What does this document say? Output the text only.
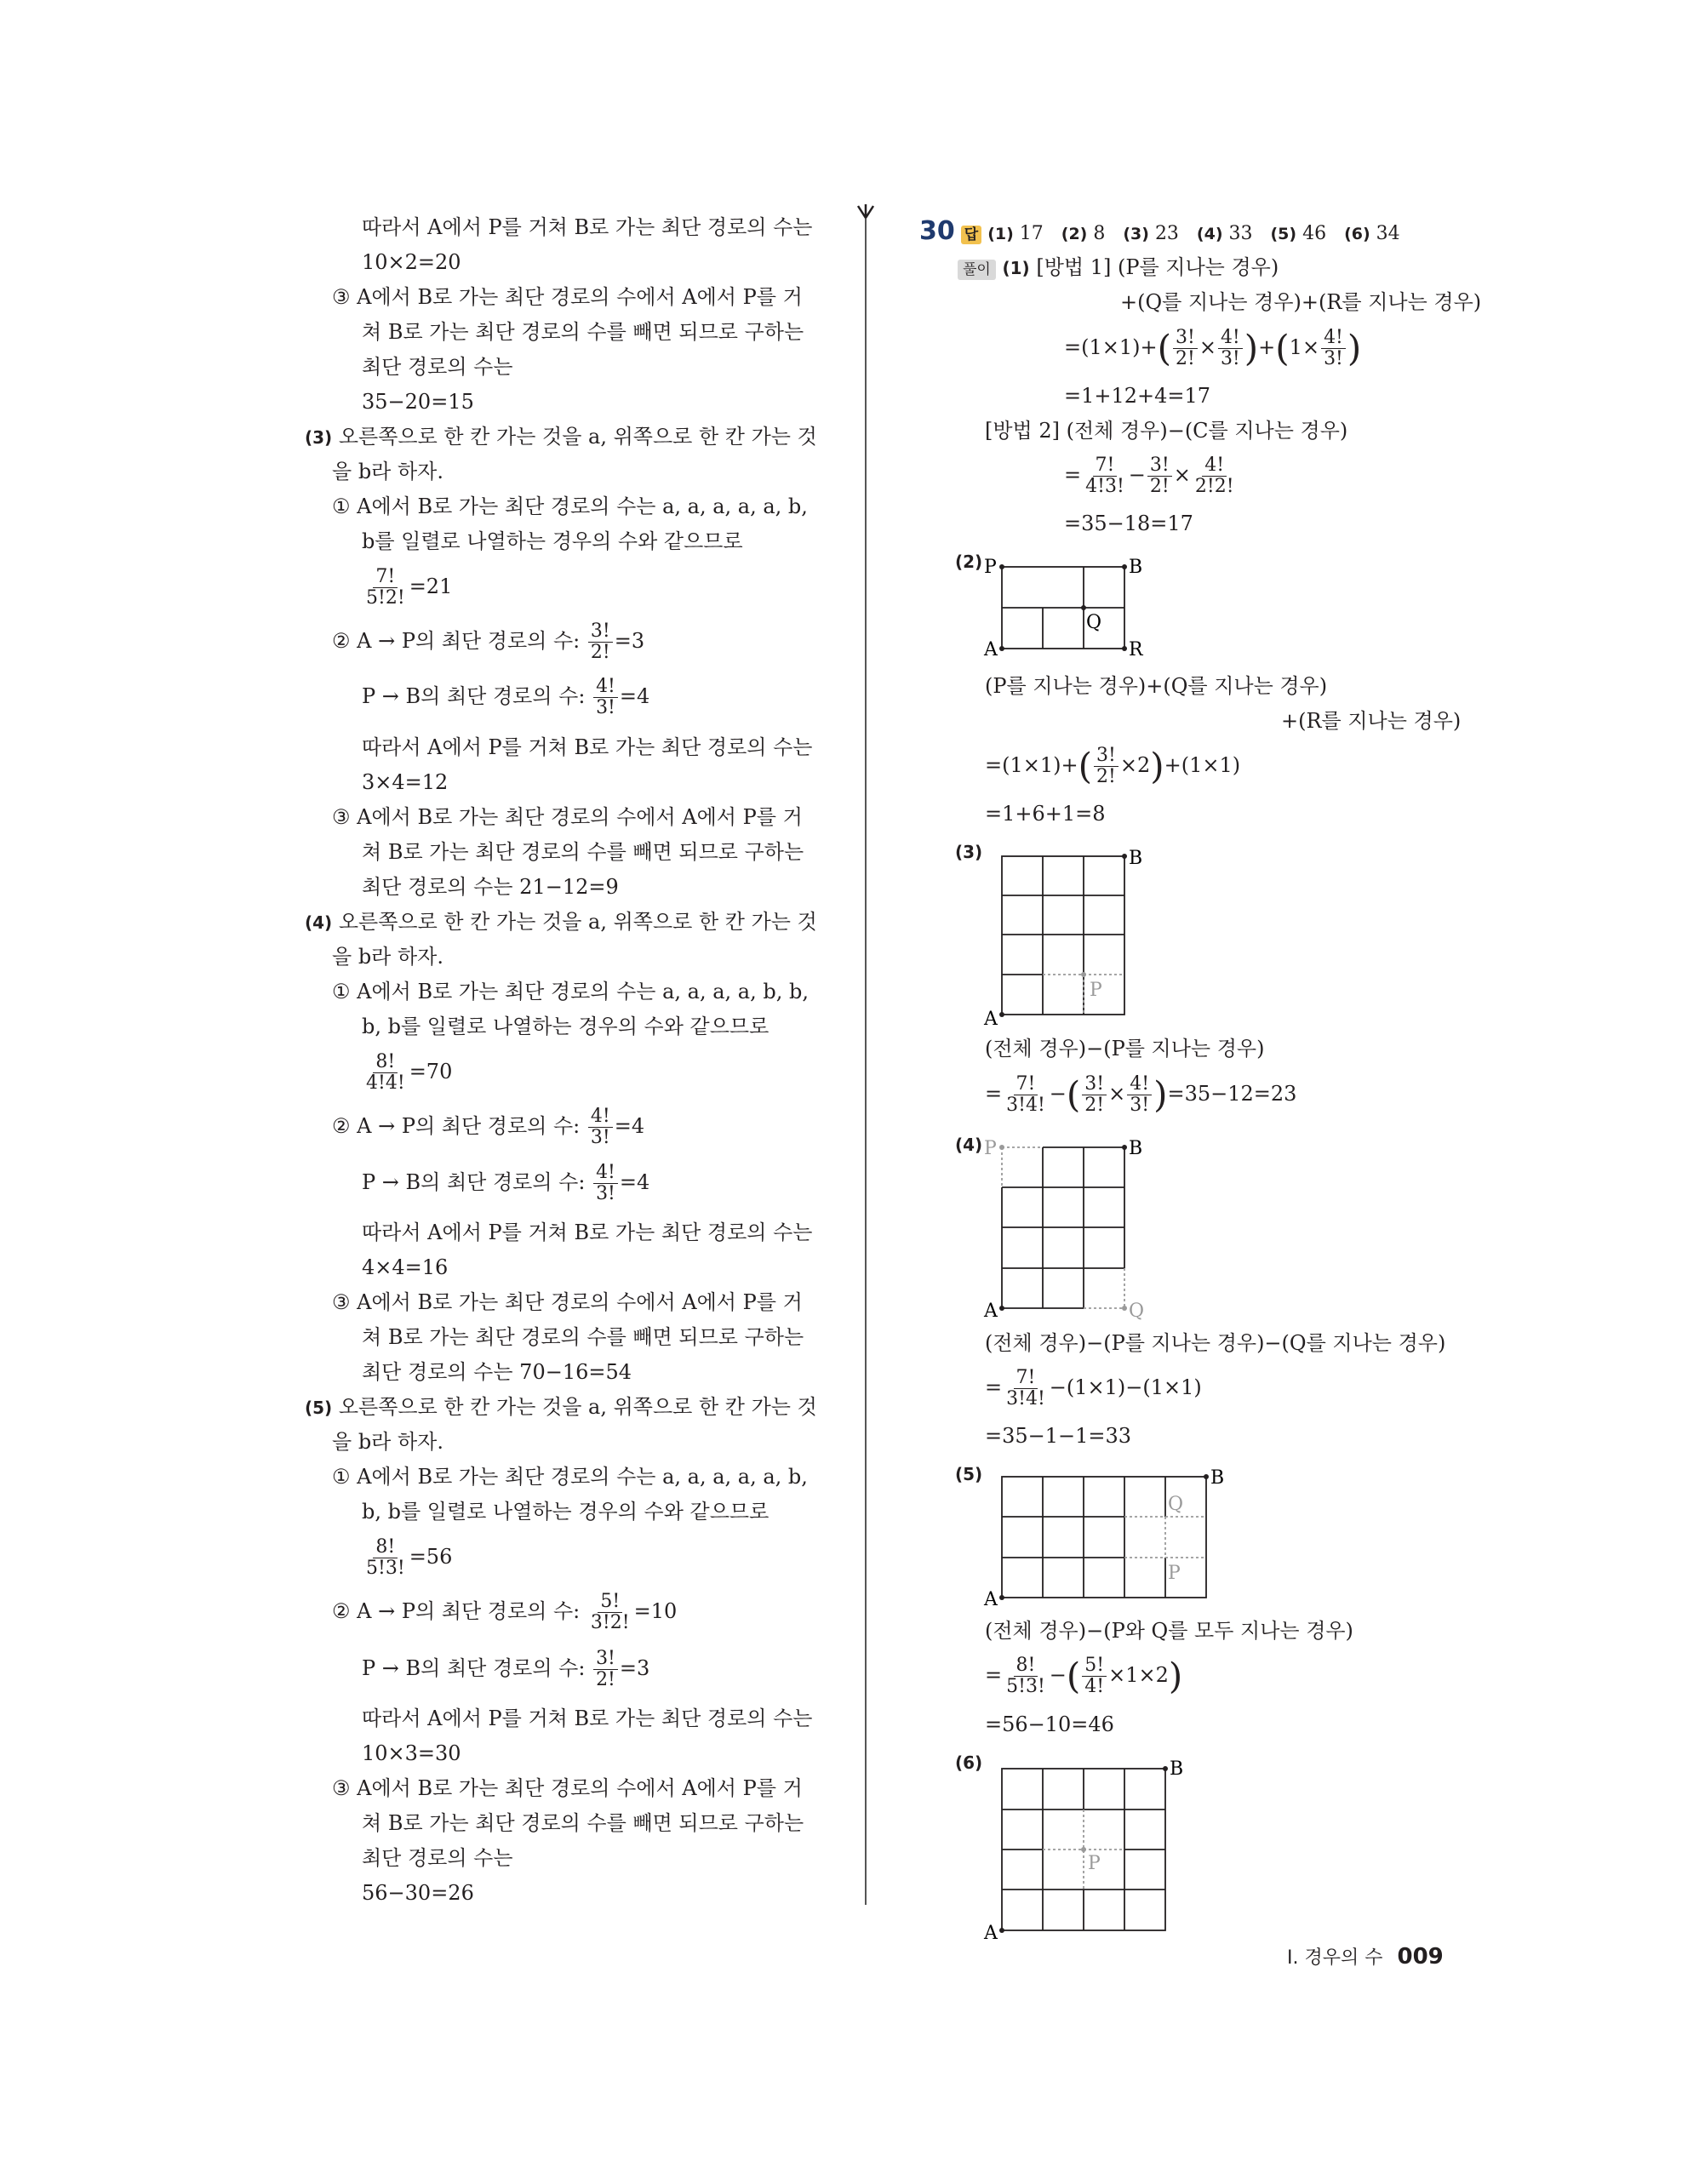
따라서 A에서 P를 거쳐 B로 가는 최단 경로의 수는
10×2=20
③ A에서 B로 가는 최단 경로의 수에서 A에서 P를 거
쳐 B로 가는 최단 경로의 수를 빼면 되므로 구하는
최단 경로의 수는
35−20=15
(3) 오른쪽으로 한 칸 가는 것을 a, 위쪽으로 한 칸 가는 것
을 b라 하자.
① A에서 B로 가는 최단 경로의 수는 a, a, a, a, a, b,
b를 일렬로 나열하는 경우의 수와 같으므로
$\frac{7!}{5!2!} =21$
② A → P의 최단 경로의 수: $\frac{3!}{2!} =3$
P → B의 최단 경로의 수: $\frac{4!}{3!} =4$
따라서 A에서 P를 거쳐 B로 가는 최단 경로의 수는
3×4=12
③ A에서 B로 가는 최단 경로의 수에서 A에서 P를 거
쳐 B로 가는 최단 경로의 수를 빼면 되므로 구하는
최단 경로의 수는 21−12=9
(4) 오른쪽으로 한 칸 가는 것을 a, 위쪽으로 한 칸 가는 것
을 b라 하자.
① A에서 B로 가는 최단 경로의 수는 a, a, a, a, b, b,
b, b를 일렬로 나열하는 경우의 수와 같으므로
$\frac{8!}{4!4!} =70$
② A → P의 최단 경로의 수: $\frac{4!}{3!} =4$
P → B의 최단 경로의 수: $\frac{4!}{3!} =4$
따라서 A에서 P를 거쳐 B로 가는 최단 경로의 수는
4×4=16
③ A에서 B로 가는 최단 경로의 수에서 A에서 P를 거
쳐 B로 가는 최단 경로의 수를 빼면 되므로 구하는
최단 경로의 수는 70−16=54
(5) 오른쪽으로 한 칸 가는 것을 a, 위쪽으로 한 칸 가는 것
을 b라 하자.
① A에서 B로 가는 최단 경로의 수는 a, a, a, a, a, b,
b, b를 일렬로 나열하는 경우의 수와 같으므로
$\frac{8!}{5!3!} =56$
② A → P의 최단 경로의 수: $\frac{5!}{3!2!} =10$
P → B의 최단 경로의 수: $\frac{3!}{2!} =3$
따라서 A에서 P를 거쳐 B로 가는 최단 경로의 수는
10×3=30
③ A에서 B로 가는 최단 경로의 수에서 A에서 P를 거
쳐 B로 가는 최단 경로의 수를 빼면 되므로 구하는
최단 경로의 수는
56−30=26
30 답 (1) 17 (2) 8 (3) 23 (4) 33 (5) 46 (6) 34
풀이 (1) [방법 1] (P를 지나는 경우)
+(Q를 지나는 경우)+(R를 지나는 경우)
$=(1\times 1)+( \frac{3!}{2!} \times \frac{4!}{3!} )+(1\times \frac{4!}{3!}$ )
=1+12+4=17
[방법 2] (전체 경우)−(C를 지나는 경우)
= $\frac{7!}{4!3!} - \frac{3!}{2!} \times \frac{4!}{2!2!}$
=35−18=17
(2) P	B
Q
A	R
(P를 지나는 경우)+(Q를 지나는 경우)
+(R를 지나는 경우)
$=(1\times 1)+( \frac{3!}{2!} \times 2)+(1\times 1)$
=1+6+1=8
(3)	B
P
A
(전체 경우)−(P를 지나는 경우)
= $\frac{7!}{3!4!}$ −( $\frac{3!}{2!} \times \frac{4!}{3!} )=35-12=23$
(4) P	B
A	Q
(전체 경우)−(P를 지나는 경우)−(Q를 지나는 경우)
= $\frac{7!}{3!4!} -(1\times 1)-(1\times 1)$
=35−1−1=33
(5)	B
Q
P
A
(전체 경우)−(P와 Q를 모두 지나는 경우)
= $\frac{8!}{5!3!}$ −( $\frac{5!}{4!} \times 1\times 2$)
=56−10=46
(6)	B
P
A
Ⅰ. 경우의 수 009
